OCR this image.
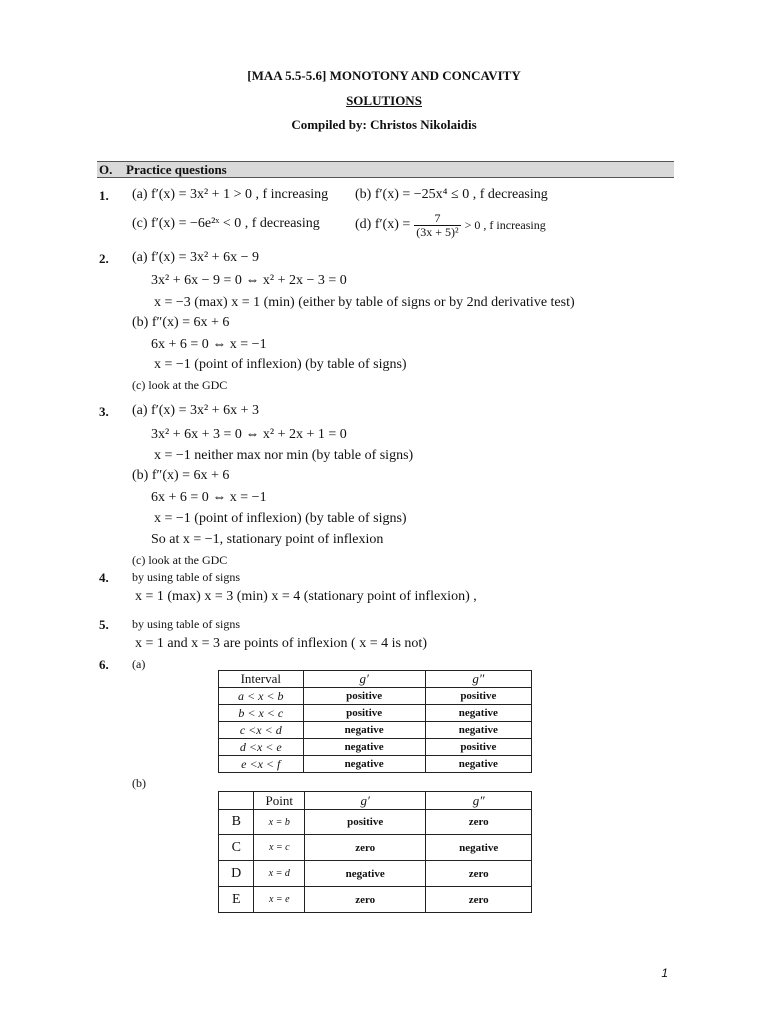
[MAA 5.5-5.6] MONOTONY AND CONCAVITY
SOLUTIONS
Compiled by: Christos Nikolaidis
O. Practice questions
1. (a) f′(x) = 3x² + 1 > 0 , f increasing (b) f′(x) = −25x⁴ ≤ 0 , f decreasing
(c) f′(x) = −6e²ˣ < 0 , f decreasing	(d) $f'(x) = \frac{7}{\text{(3x + 5)²}} > 0$ , f increasing
2. (a) f′(x) = 3x² + 6x − 9
3x² + 6x − 9 = 0 ⇔ x² + 2x − 3 = 0
x = −3 (max) x = 1 (min) (either by table of signs or by 2nd derivative test)
(b) f″(x) = 6x + 6
6x + 6 = 0 ⇔ x = −1
x = −1 (point of inflexion) (by table of signs)
(c) look at the GDC
3. (a) f′(x) = 3x² + 6x + 3
3x² + 6x + 3 = 0 ⇔ x² + 2x + 1 = 0
x = −1 neither max nor min (by table of signs)
(b) f″(x) = 6x + 6
6x + 6 = 0 ⇔ x = −1
x = −1 (point of inflexion) (by table of signs)
So at x = −1, stationary point of inflexion
(c) look at the GDC
4. by using table of signs
x = 1 (max) x = 3 (min) x = 4 (stationary point of inflexion) ,
5. by using table of signs
x = 1 and x = 3 are points of inflexion ( x = 4 is not)
6. (a)
Interval	g′	g″
a < x < b	positive	positive
b < x < c	positive	negative
c <x < d	negative	negative
d <x < e	negative	positive
e <x < f	negative	negative
(b)
	Point	g′	g″
B	x = b	positive	zero
C	x = c	zero	negative
D	x = d	negative	zero
E	x = e	zero	zero
1
